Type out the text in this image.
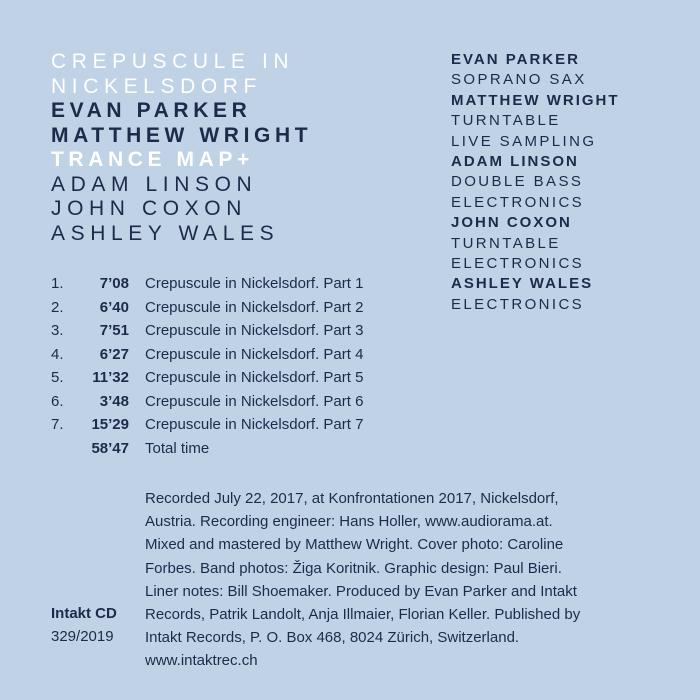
CREPUSCULE IN
NICKELSDORF
EVAN PARKER
MATTHEW WRIGHT
TRANCE MAP+
ADAM LINSON
JOHN COXON
ASHLEY WALES
EVAN PARKER
SOPRANO SAX
MATTHEW WRIGHT
TURNTABLE
LIVE SAMPLING
ADAM LINSON
DOUBLE BASS
ELECTRONICS
JOHN COXON
TURNTABLE
ELECTRONICS
ASHLEY WALES
ELECTRONICS
1.	7’08 Crepuscule in Nickelsdorf. Part 1
2.	6’40 Crepuscule in Nickelsdorf. Part 2
3.	7’51 Crepuscule in Nickelsdorf. Part 3
4.	6’27 Crepuscule in Nickelsdorf. Part 4
5.	11’32 Crepuscule in Nickelsdorf. Part 5
6.	3’48 Crepuscule in Nickelsdorf. Part 6
7.	15’29 Crepuscule in Nickelsdorf. Part 7
58’47 Total time
Recorded July 22, 2017, at Konfrontationen 2017, Nickelsdorf,
Austria. Recording engineer: Hans Holler, www.audiorama.at.
Mixed and mastered by Matthew Wright. Cover photo: Caroline
Forbes. Band photos: Žiga Koritnik. Graphic design: Paul Bieri.
Liner notes: Bill Shoemaker. Produced by Evan Parker and Intakt
Records, Patrik Landolt, Anja Illmaier, Florian Keller. Published by
Intakt Records, P. O. Box 468, 8024 Zürich, Switzerland.
www.intaktrec.ch
Intakt CD
329/2019
